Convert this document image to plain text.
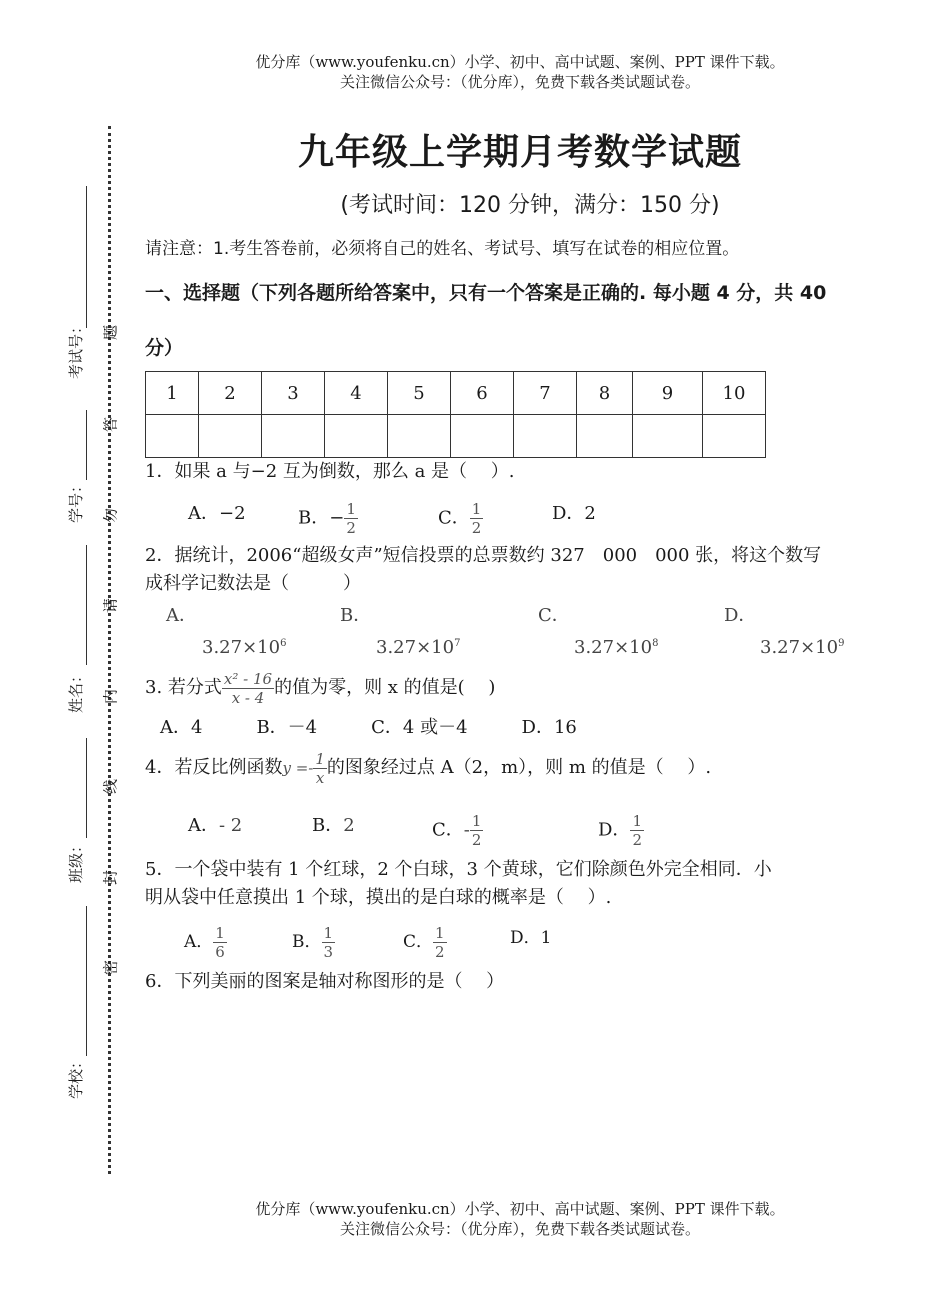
优分库（www.youfenku.cn）小学、初中、高中试题、案例、PPT 课件下载。
关注微信公众号：（优分库），免费下载各类试题试卷。
考试号：
学号：
姓名：
班级：
学校：
题
答
勿
请
内
线
封
密
九年级上学期月考数学试题
(考试时间：120 分钟，满分：150 分)
请注意：1.考生答卷前，必须将自己的姓名、考试号、填写在试卷的相应位置。
一、选择题（下列各题所给答案中，只有一个答案是正确的. 每小题 4 分，共 40
分）
1	2	3	4	5	6	7	8	9	10

1．如果 a 与−2 互为倒数，那么 a 是（　 ）.
A．−2	B．− $\frac{1}{2}$	C． $\frac{1}{2}$	D．2
2．据统计，2006“超级女声”短信投票的总票数约 327　000　000 张，将这个数写
成科学记数法是（　　　）
A．
$3.27\times 10^6$
B．
$3.27\times 10^7$
C．
$3.27\times 10^8$
D．
$3.27\times 10^9$
3. 若分式 $\frac{\text{x² - 16}}{x - 4}$ 的值为零，则 x 的值是(　 )
A．4　　　B．－4　　　C．4 或－4　　　D．16
4．若反比例函数$y =- \frac{1}{x}$ 的图象经过点 A（2，m），则 m 的值是（　 ）.
A．- 2	B．2	C．- $\frac{1}{2}$	D． $\frac{1}{2}$
5．一个袋中装有 1 个红球，2 个白球，3 个黄球，它们除颜色外完全相同．小
明从袋中任意摸出 1 个球，摸出的是白球的概率是（　 ）.
A． $\frac{1}{6}$	B． $\frac{1}{3}$	C． $\frac{1}{2}$	D．1
6．下列美丽的图案是轴对称图形的是（　 ）
优分库（www.youfenku.cn）小学、初中、高中试题、案例、PPT 课件下载。
关注微信公众号：（优分库），免费下载各类试题试卷。
